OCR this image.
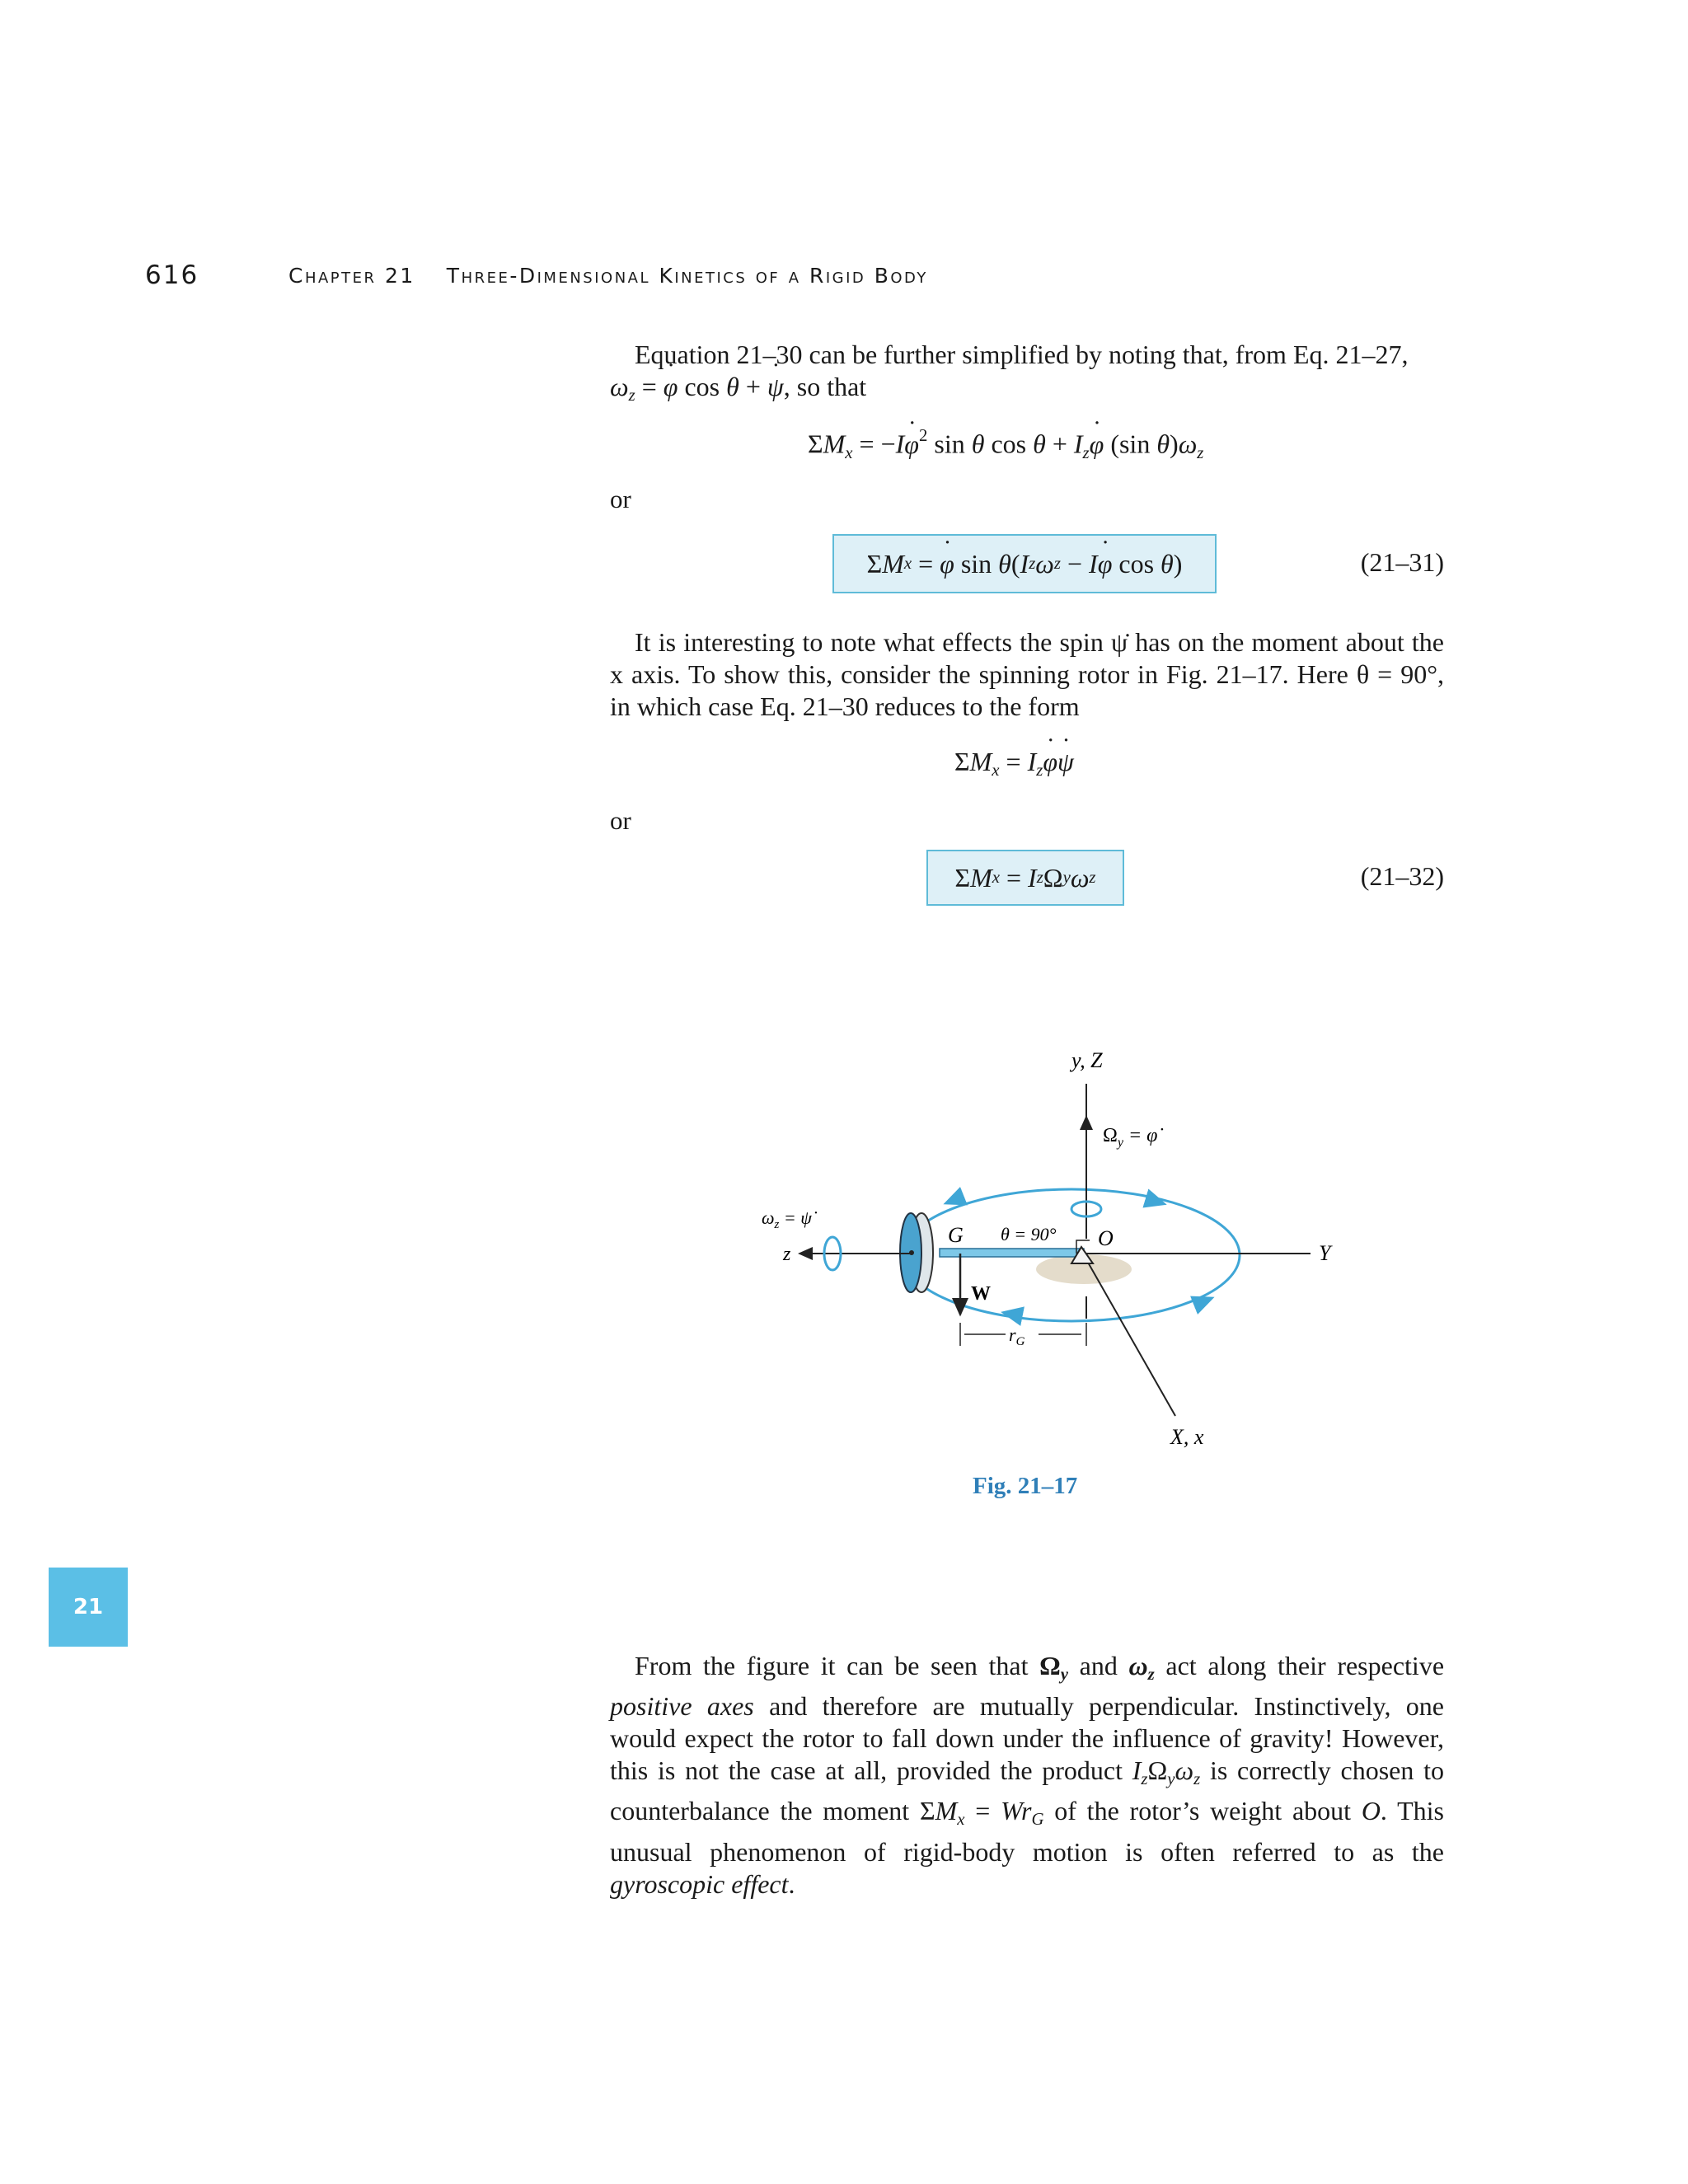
616	Chapter 21 Three-Dimensional Kinetics of a Rigid Body

Equation 21–30 can be further simplified by noting that, from Eq. 21–27,
$\omega_z = \varphi$ ˙ cos θ + ψ ˙, so that

$\Sigma M_x = -I\varphi$ ˙$^2$ sin θ $\cos \theta + I_z\varphi$ ˙ (sin $\theta)\omega_z$
or
Σ M x = φ ˙ sin θ ( I z ω z − I φ ˙ cos θ )	(21–31)

It is interesting to note what effects the spin ψ̇ has on the moment about the x axis. To show this, consider the spinning rotor in Fig. 21–17. Here θ = 90°, in which case Eq. 21–30 reduces to the form

$\Sigma M_x = I_z\varphi$ ˙ψ ˙
or
Σ M x = I z Ω y ω z	(21–32)
y, Z
$\Omega_y$ = φ̇
Y
z
X, x
G	O
W
$r_G$
θ = 90°
$\omega_z$ = ψ̇
Fig. 21–17
21

From the figure it can be seen that $\Omega_y$ and $\omega_z$ act along their respective positive axes and therefore are mutually perpendicular. Instinctively, one would expect the rotor to fall down under the influence of gravity! However, this is not the case at all, provided the product $I_z\Omega_y\omega_z$ is correctly chosen to counterbalance the moment $\Sigma M_x = Wr_G$ of the rotor’s weight about O. This unusual phenomenon of rigid-body motion is often referred to as the gyroscopic effect.
